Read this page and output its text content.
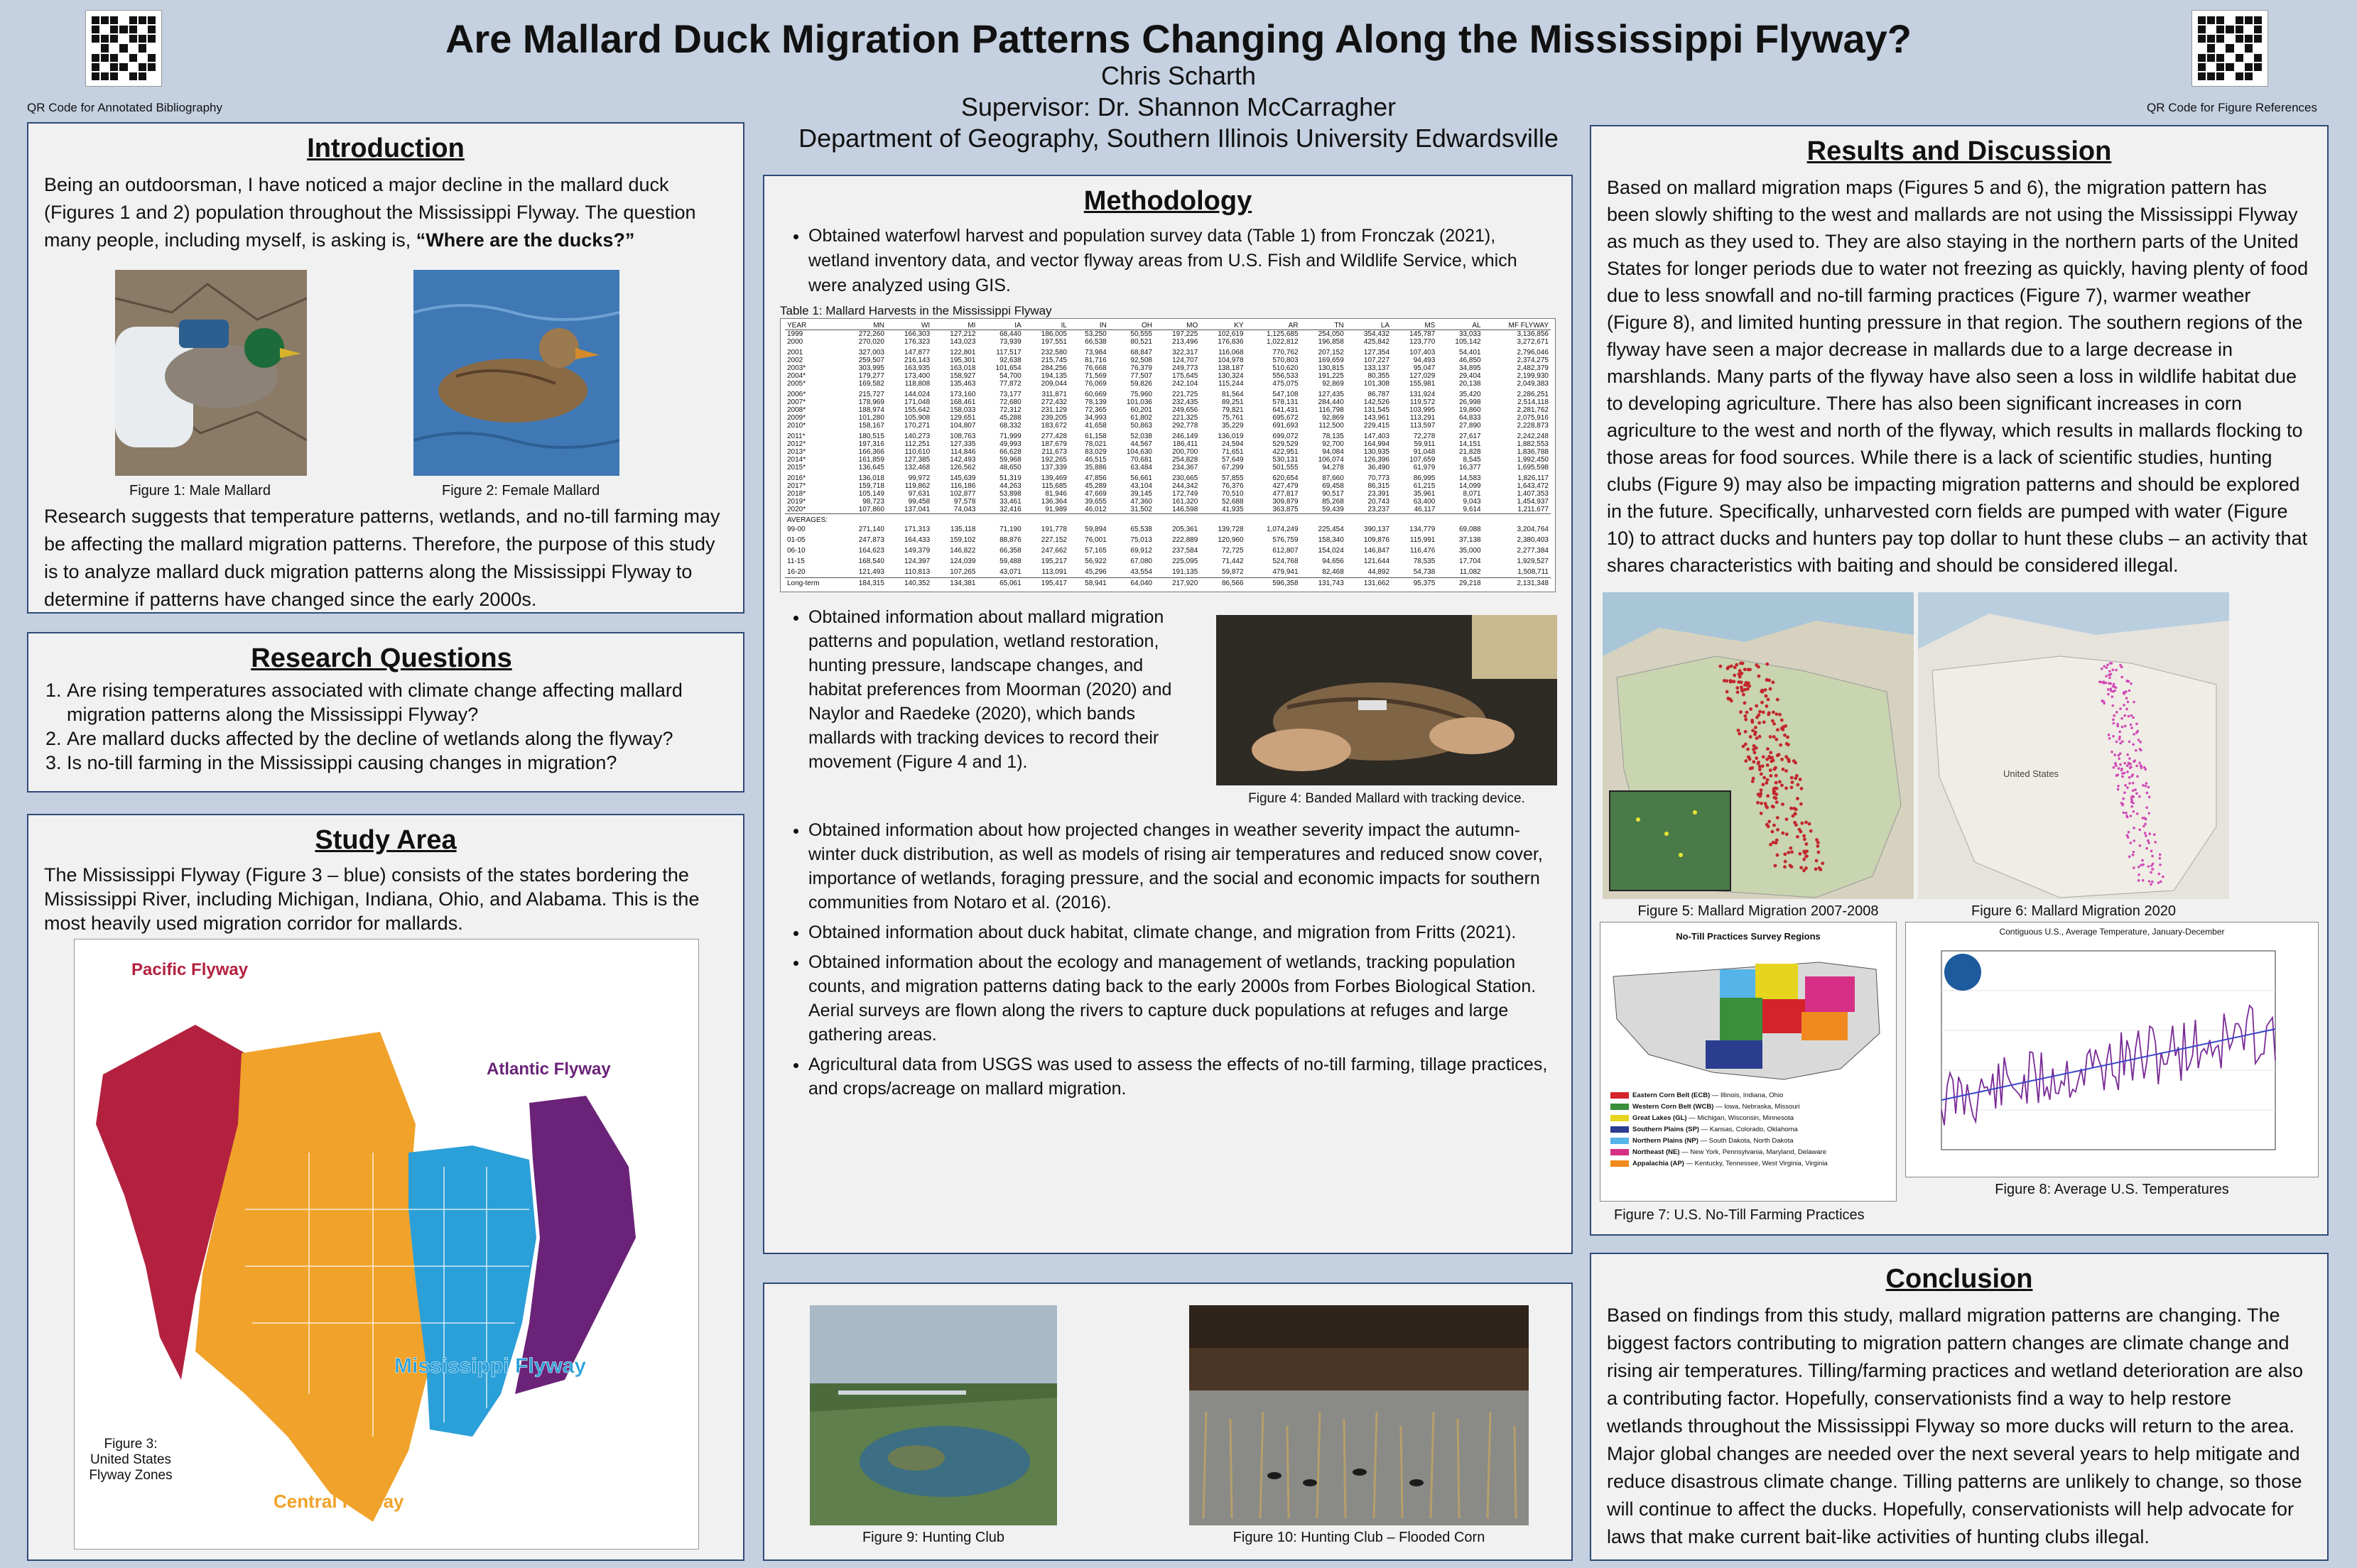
QR Code for Annotated Bibliography	QR Code for Figure References
Are Mallard Duck Migration Patterns Changing Along the Mississippi Flyway?
Chris Scharth
Supervisor: Dr. Shannon McCarragher
Department of Geography, Southern Illinois University Edwardsville
Introduction
Being an outdoorsman, I have noticed a major decline in the mallard duck (Figures 1 and 2) population throughout the Mississippi Flyway. The question many people, including myself, is asking is, “Where are the ducks?”
Figure 1: Male Mallard	Figure 2: Female Mallard
Research suggests that temperature patterns, wetlands, and no-till farming may be affecting the mallard migration patterns. Therefore, the purpose of this study is to analyze mallard duck migration patterns along the Mississippi Flyway to determine if patterns have changed since the early 2000s.
Research Questions
1. Are rising temperatures associated with climate change affecting mallard migration patterns along the Mississippi Flyway?
2. Are mallard ducks affected by the decline of wetlands along the flyway?
3. Is no-till farming in the Mississippi causing changes in migration?
Study Area
The Mississippi Flyway (Figure 3 – blue) consists of the states bordering the Mississippi River, including Michigan, Indiana, Ohio, and Alabama. This is the most heavily used migration corridor for mallards.
Pacific Flyway
Atlantic Flyway
Mississippi Flyway
Central Flyway
Figure 3:
United States
Flyway Zones
Methodology
• Obtained waterfowl harvest and population survey data (Table 1) from Fronczak (2021), wetland inventory data, and vector flyway areas from U.S. Fish and Wildlife Service, which were analyzed using GIS.
Table 1: Mallard Harvests in the Mississippi Flyway
YEAR	MN	WI	MI	IA	IL	IN	OH	MO	KY	AR	TN	LA	MS	AL	MF FLYWAY
1999	272,260	166,303	127,212	68,440	186,005	53,250	50,555	197,225	102,619	1,125,685	254,050	354,432	145,787	33,033	3,136,856
2000	270,020	176,323	143,023	73,939	197,551	66,538	80,521	213,496	176,836	1,022,812	196,858	425,842	123,770	105,142	3,272,671
2001	327,003	147,877	122,801	117,517	232,580	73,984	68,847	322,317	116,068	770,762	207,152	127,354	107,403	54,401	2,796,046
2002	259,507	216,143	195,301	92,638	215,745	81,716	92,508	124,707	104,978	570,803	169,659	107,227	94,493	46,850	2,374,275
2003*	303,995	163,935	163,018	101,654	284,256	76,668	76,379	249,773	138,187	510,620	130,815	133,137	95,047	34,895	2,482,379
2004*	179,277	173,400	158,927	54,700	194,135	71,569	77,507	175,645	130,324	556,533	191,225	80,355	127,029	29,404	2,199,930
2005*	169,582	118,808	135,463	77,872	209,044	76,069	59,826	242,104	115,244	475,075	92,869	101,308	155,981	20,138	2,049,383
2006*	215,727	144,024	173,160	73,177	311,871	60,669	75,960	221,725	81,564	547,108	127,435	86,787	131,924	35,420	2,286,251
2007*	178,969	171,048	168,461	72,680	272,432	78,139	101,036	232,435	89,251	578,131	284,440	142,526	119,572	26,998	2,514,118
2008*	188,974	155,642	158,033	72,312	231,129	72,365	60,201	249,656	79,821	641,431	116,798	131,545	103,995	19,860	2,281,762
2009*	101,280	105,908	129,651	45,288	239,205	34,993	61,802	221,325	75,761	695,672	92,869	143,961	113,291	64,833	2,075,916
2010*	158,167	170,271	104,807	68,332	183,672	41,658	50,863	292,778	35,229	691,693	112,500	229,415	113,597	27,890	2,228,873
2011*	180,515	140,273	108,763	71,999	277,428	61,158	52,038	246,149	136,019	699,072	78,135	147,403	72,278	27,617	2,242,248
2012*	197,316	112,251	127,335	49,993	187,679	78,021	44,567	186,411	24,594	529,529	92,700	164,994	59,911	14,151	1,882,553
2013*	166,366	110,610	114,846	66,628	211,673	83,029	104,630	200,700	71,651	422,951	94,084	130,935	91,048	21,828	1,836,788
2014*	161,859	127,385	142,493	59,968	192,265	46,515	70,681	254,828	57,649	530,131	106,074	126,396	107,659	8,545	1,992,450
2015*	136,645	132,468	126,562	48,650	137,339	35,886	63,484	234,367	67,299	501,555	94,278	36,490	61,979	16,377	1,695,598
2016*	136,018	99,972	145,639	51,319	139,469	47,856	56,661	230,665	57,855	620,654	87,660	70,773	86,995	14,583	1,826,117
2017*	159,718	119,862	116,186	44,263	115,685	45,289	43,104	244,342	76,376	427,479	69,458	86,315	61,215	14,099	1,643,472
2018*	105,149	97,631	102,877	53,898	81,946	47,669	39,145	172,749	70,510	477,817	90,517	23,391	35,961	8,071	1,407,353
2019*	98,723	99,458	97,578	33,461	136,364	39,655	47,360	161,320	52,688	309,879	85,268	20,743	63,400	9,043	1,454,937
2020*	107,860	137,041	74,043	32,416	91,989	46,012	31,502	146,598	41,935	363,875	59,439	23,237	46,117	9,614	1,211,677
AVERAGES:															
99-00	271,140	171,313	135,118	71,190	191,778	59,894	65,538	205,361	139,728	1,074,249	225,454	390,137	134,779	69,088	3,204,764
01-05	247,873	164,433	159,102	88,876	227,152	76,001	75,013	222,889	120,960	576,759	158,340	109,876	115,991	37,138	2,380,403
06-10	164,623	149,379	146,822	66,358	247,662	57,165	69,912	237,584	72,725	612,807	154,024	146,847	116,476	35,000	2,277,384
11-15	168,540	124,397	124,039	59,488	195,217	56,922	67,080	225,095	71,442	524,768	94,656	121,644	78,535	17,704	1,929,527
16-20	121,493	110,813	107,265	43,071	113,091	45,296	43,554	191,135	59,872	479,941	82,468	44,892	54,738	11,082	1,508,711
Long-term	184,315	140,352	134,381	65,061	195,417	58,941	64,040	217,920	86,566	596,358	131,743	131,662	95,375	29,218	2,131,348
• Obtained information about mallard migration patterns and population, wetland restoration, hunting pressure, landscape changes, and habitat preferences from Moorman (2020) and Naylor and Raedeke (2020), which bands mallards with tracking devices to record their movement (Figure 4 and 1).
Figure 4: Banded Mallard with tracking device.
• Obtained information about how projected changes in weather severity impact the autumn-winter duck distribution, as well as models of rising air temperatures and reduced snow cover, importance of wetlands, foraging pressure, and the social and economic impacts for southern communities from Notaro et al. (2016).
• Obtained information about duck habitat, climate change, and migration from Fritts (2021).
• Obtained information about the ecology and management of wetlands, tracking population counts, and migration patterns dating back to the early 2000s from Forbes Biological Station. Aerial surveys are flown along the rivers to capture duck populations at refuges and large gathering areas.
• Agricultural data from USGS was used to assess the effects of no-till farming, tillage practices, and crops/acreage on mallard migration.
Figure 9: Hunting Club	Figure 10: Hunting Club – Flooded Corn
Results and Discussion
Based on mallard migration maps (Figures 5 and 6), the migration pattern has been slowly shifting to the west and mallards are not using the Mississippi Flyway as much as they used to. They are also staying in the northern parts of the United States for longer periods due to water not freezing as quickly, having plenty of food due to less snowfall and no-till farming practices (Figure 7), warmer weather (Figure 8), and limited hunting pressure in that region. The southern regions of the flyway have seen a major decrease in mallards due to a large decrease in marshlands. Many parts of the flyway have also seen a loss in wildlife habitat due to developing agriculture. There has also been significant increases in corn agriculture to the west and north of the flyway, which results in mallards flocking to those areas for food sources. While there is a lack of scientific studies, hunting clubs (Figure 9) may also be impacting migration patterns and should be explored in the future. Specifically, unharvested corn fields are pumped with water (Figure 10) to attract ducks and hunters pay top dollar to hunt these clubs – an activity that shares characteristics with baiting and should be considered illegal.
Figure 5: Mallard Migration 2007-2008
United States
Figure 6: Mallard Migration 2020
No-Till Practices Survey Regions
Eastern Corn Belt (ECB) — Illinois, Indiana, Ohio
Western Corn Belt (WCB) — Iowa, Nebraska, Missouri
Great Lakes (GL) — Michigan, Wisconsin, Minnesota
Southern Plains (SP) — Kansas, Colorado, Oklahoma
Northern Plains (NP) — South Dakota, North Dakota
Northeast (NE) — New York, Pennsylvania, Maryland, Delaware
Appalachia (AP) — Kentucky, Tennessee, West Virginia, Virginia
Figure 7: U.S. No-Till Farming Practices
Contiguous U.S., Average Temperature, January-December
Figure 8: Average U.S. Temperatures
Conclusion
Based on findings from this study, mallard migration patterns are changing. The biggest factors contributing to migration pattern changes are climate change and rising air temperatures. Tilling/farming practices and wetland deterioration are also a contributing factor. Hopefully, conservationists find a way to help restore wetlands throughout the Mississippi Flyway so more ducks will return to the area. Major global changes are needed over the next several years to help mitigate and reduce disastrous climate change. Tilling patterns are unlikely to change, so those will continue to affect the ducks. Hopefully, conservationists will help advocate for laws that make current bait-like activities of hunting clubs illegal.
